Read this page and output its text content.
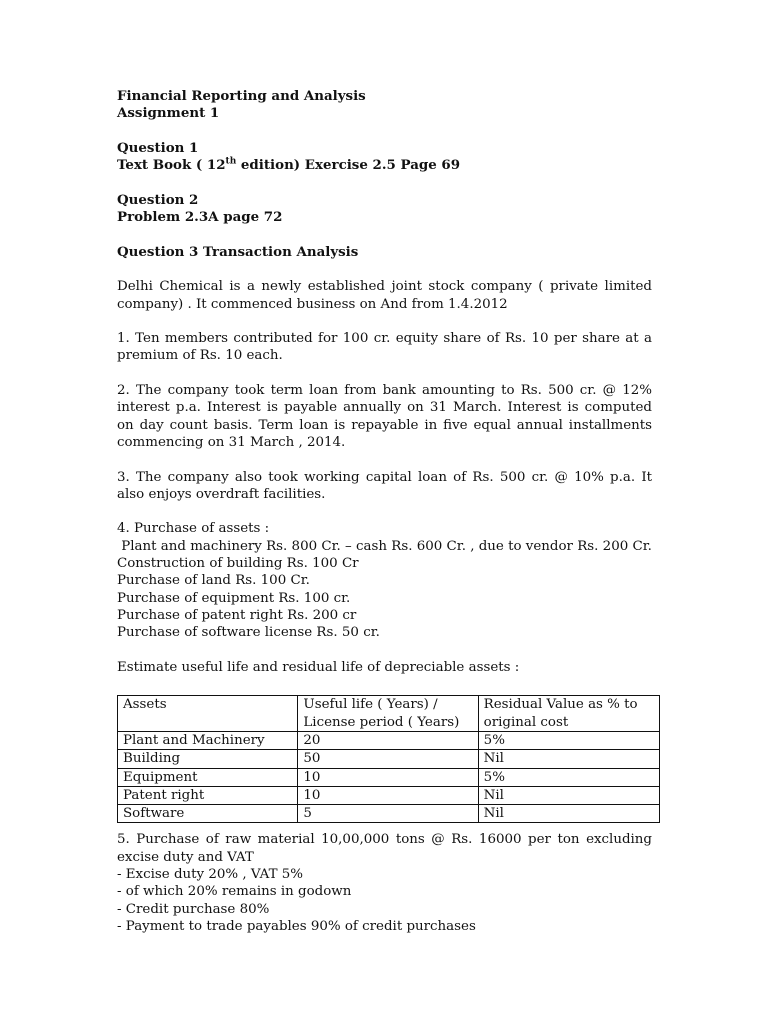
Financial Reporting and Analysis
Assignment 1
Question 1
Text Book ( 12th edition) Exercise 2.5 Page 69
Question 2
Problem 2.3A page 72
Question 3 Transaction Analysis
Delhi Chemical is a newly established joint stock company ( private limited company) . It commenced business on And from 1.4.2012
1. Ten members contributed for 100 cr. equity share of Rs. 10 per share at a premium of Rs. 10 each.
2. The company took term loan from bank amounting to Rs. 500 cr. @ 12% interest p.a. Interest is payable annually on 31 March. Interest is computed on day count basis. Term loan is repayable in five equal annual installments commencing on 31 March , 2014.
3. The company also took working capital loan of Rs. 500 cr. @ 10% p.a. It also enjoys overdraft facilities.
4. Purchase of assets :
Plant and machinery Rs. 800 Cr. – cash Rs. 600 Cr. , due to vendor Rs. 200 Cr.
Construction of building Rs. 100 Cr
Purchase of land Rs. 100 Cr.
Purchase of equipment Rs. 100 cr.
Purchase of patent right Rs. 200 cr
Purchase of software license Rs. 50 cr.
Estimate useful life and residual life of depreciable assets :
Assets	Useful life ( Years) / License period ( Years)	Residual Value as % to original cost
Plant and Machinery	20	5%
Building	50	Nil
Equipment	10	5%
Patent right	10	Nil
Software	5	Nil
5. Purchase of raw material 10,00,000 tons @ Rs. 16000 per ton excluding excise duty and VAT
- Excise duty 20% , VAT 5%
- of which 20% remains in godown
- Credit purchase 80%
- Payment to trade payables 90% of credit purchases
